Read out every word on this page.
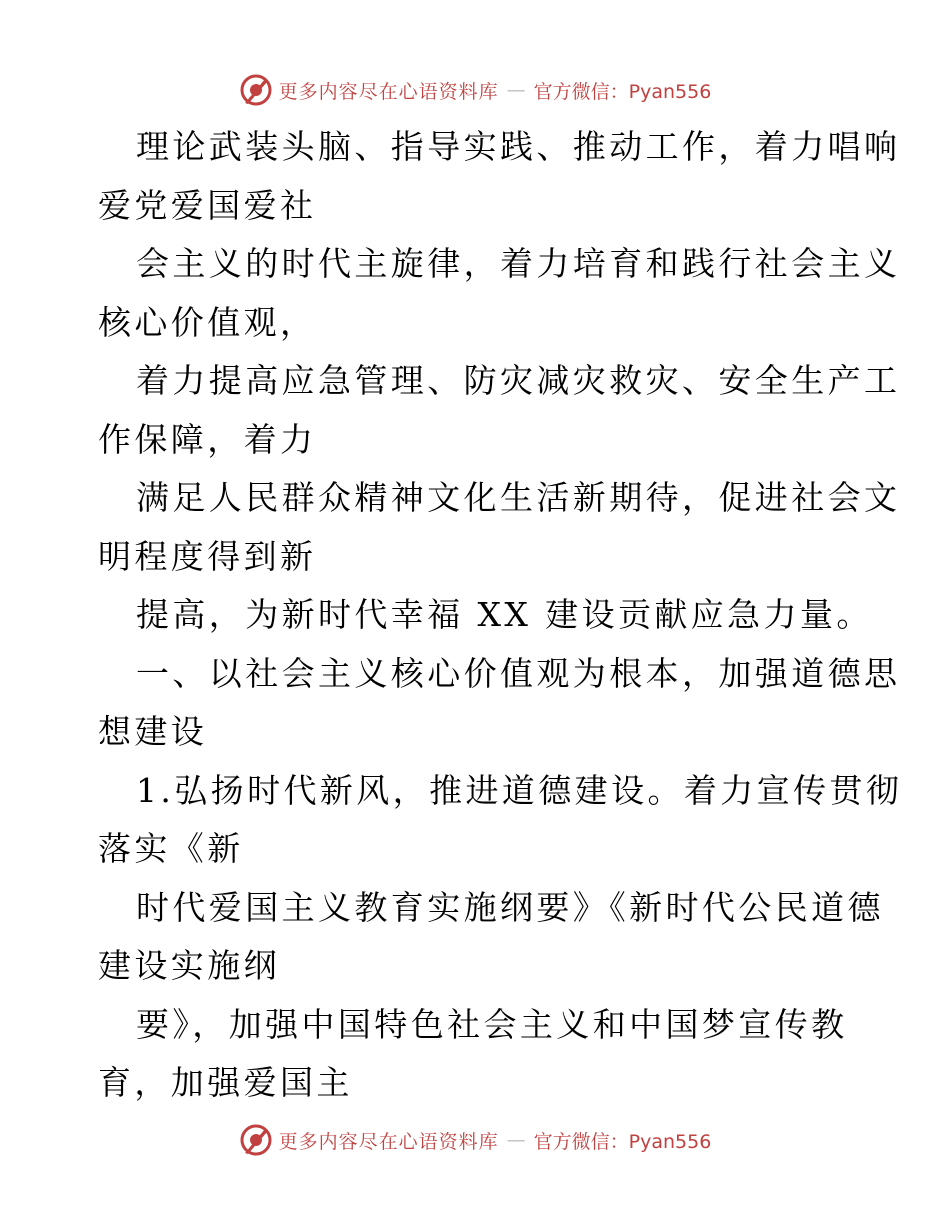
更多内容尽在心语资料库 — 官方微信：Pyan556
理论武装头脑、指导实践、推动工作，着力唱响
爱党爱国爱社
会主义的时代主旋律，着力培育和践行社会主义
核心价值观，
着力提高应急管理、防灾减灾救灾、安全生产工
作保障，着力
满足人民群众精神文化生活新期待，促进社会文
明程度得到新
提高，为新时代幸福 XX 建设贡献应急力量。
一、以社会主义核心价值观为根本，加强道德思
想建设
1.弘扬时代新风，推进道德建设。着力宣传贯彻
落实《新
时代爱国主义教育实施纲要》《新时代公民道德
建设实施纲
要》，加强中国特色社会主义和中国梦宣传教
育，加强爱国主
更多内容尽在心语资料库 — 官方微信：Pyan556
